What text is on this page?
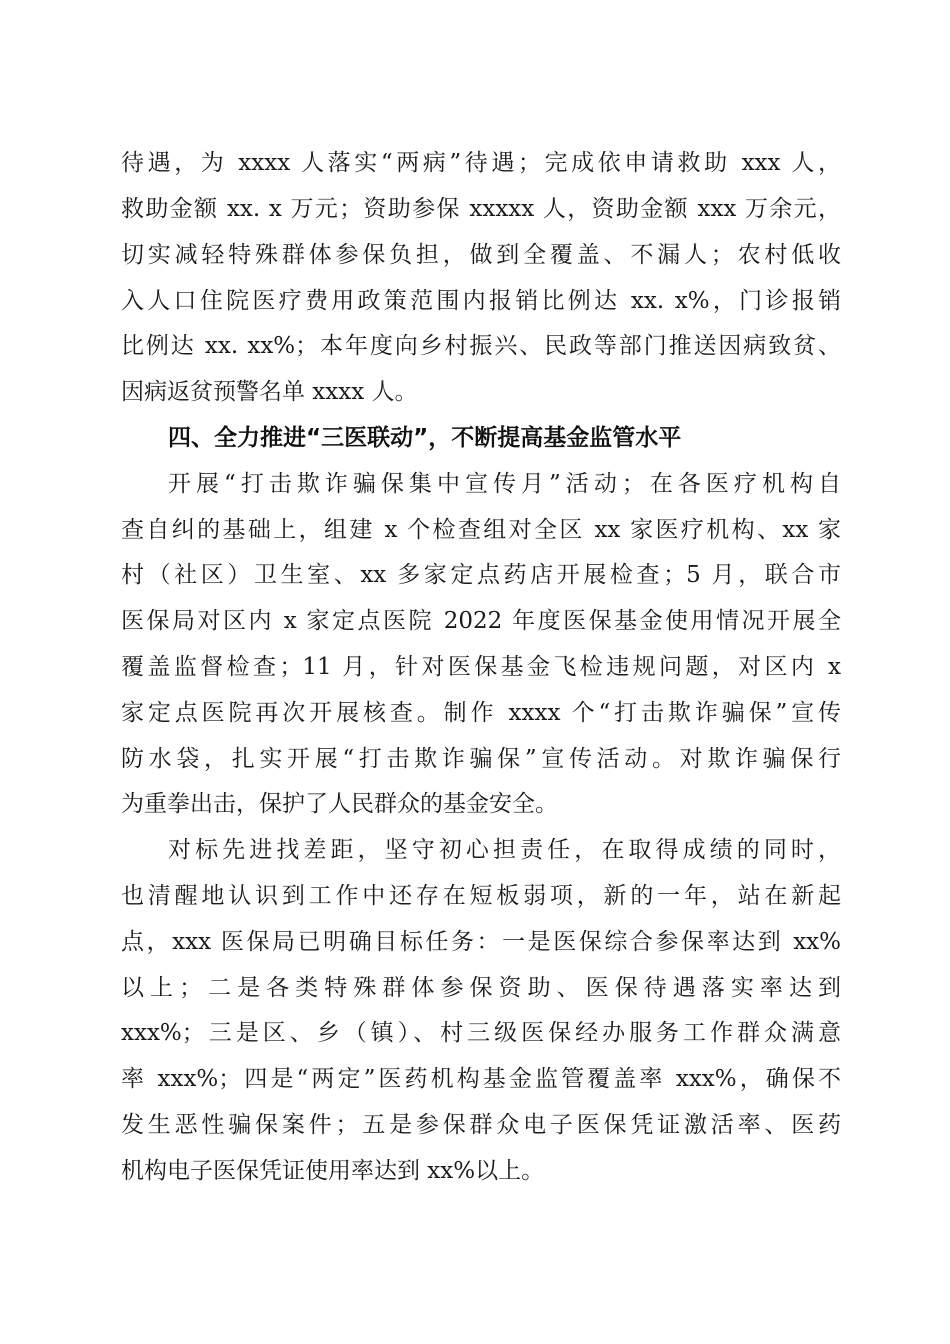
待遇，为 xxxx 人落实“两病”待遇；完成依申请救助 xxx 人，
救助金额 xx. x 万元；资助参保 xxxxx 人，资助金额 xxx 万余元，
切实减轻特殊群体参保负担，做到全覆盖、不漏人；农村低收
入人口住院医疗费用政策范围内报销比例达 xx. x%，门诊报销
比例达 xx. xx%；本年度向乡村振兴、民政等部门推送因病致贫、
因病返贫预警名单 xxxx 人。
四、全力推进“三医联动”，不断提高基金监管水平
开展“打击欺诈骗保集中宣传月”活动；在各医疗机构自
查自纠的基础上，组建 x 个检查组对全区 xx 家医疗机构、xx 家
村（社区）卫生室、xx 多家定点药店开展检查；5 月，联合市
医保局对区内 x 家定点医院 2022 年度医保基金使用情况开展全
覆盖监督检查；11 月，针对医保基金飞检违规问题，对区内 x
家定点医院再次开展核查。制作 xxxx 个“打击欺诈骗保”宣传
防水袋，扎实开展“打击欺诈骗保”宣传活动。对欺诈骗保行
为重拳出击，保护了人民群众的基金安全。
对标先进找差距，坚守初心担责任，在取得成绩的同时，
也清醒地认识到工作中还存在短板弱项，新的一年，站在新起
点，xxx 医保局已明确目标任务：一是医保综合参保率达到 xx%
以上；二是各类特殊群体参保资助、医保待遇落实率达到
xxx%；三是区、乡（镇）、村三级医保经办服务工作群众满意
率 xxx%；四是“两定”医药机构基金监管覆盖率 xxx%，确保不
发生恶性骗保案件；五是参保群众电子医保凭证激活率、医药
机构电子医保凭证使用率达到 xx%以上。
